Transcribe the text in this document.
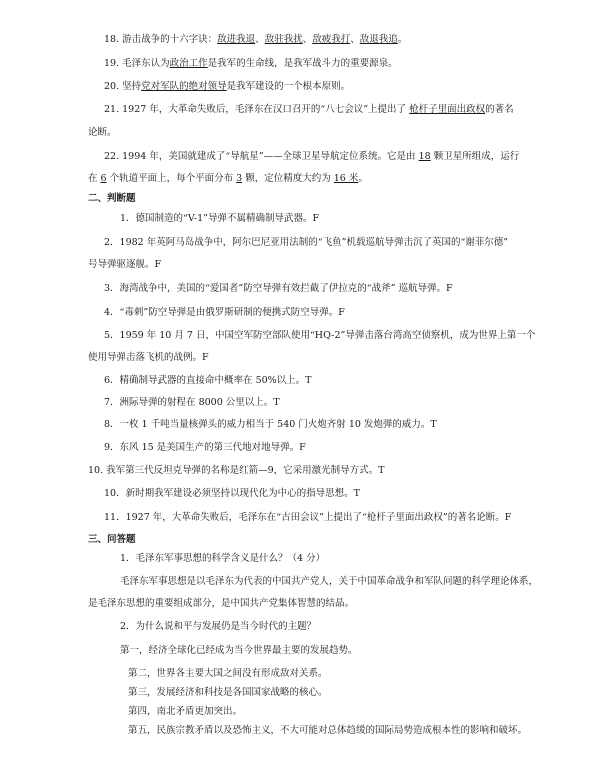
18. 游击战争的十六字诀：敌进我退、敌驻我扰、敌疲我打、敌退我追。
19. 毛泽东认为政治工作是我军的生命线，是我军战斗力的重要源泉。
20. 坚持党对军队的绝对领导是我军建设的一个根本原则。
21. 1927 年，大革命失败后，毛泽东在汉口召开的“八七会议”上提出了 枪杆子里面出政权的著名
论断。
22. 1994 年，美国就建成了“导航星”——全球卫星导航定位系统。它是由 18 颗卫星所组成，运行
在 6 个轨道平面上，每个平面分布 3 颗，定位精度大约为 16 米。
二、判断题
1．德国制造的“V-1”导弹不属精确制导武器。F
2．1982 年英阿马岛战争中，阿尔巴尼亚用法制的“飞鱼”机载巡航导弹击沉了英国的“谢菲尔德”
号导弹驱逐舰。F
3．海湾战争中，美国的“爱国者”防空导弹有效拦截了伊拉克的“战斧” 巡航导弹。F
4．“毒刺”防空导弹是由俄罗斯研制的便携式防空导弹。F
5．1959 年 10 月 7 日，中国空军防空部队使用“HQ-2”导弹击落台湾高空侦察机，成为世界上第一个
使用导弹击落飞机的战例。F
6．精确制导武器的直接命中概率在 50%以上。T
7．洲际导弹的射程在 8000 公里以上。T
8．一枚 1 千吨当量核弹头的威力相当于 540 门火炮齐射 10 发炮弹的威力。T
9．东风 15 是美国生产的第三代地对地导弹。F
10. 我军第三代反坦克导弹的名称是红箭—9，它采用激光制导方式。T
10．新时期我军建设必须坚持以现代化为中心的指导思想。T
11．1927 年，大革命失败后，毛泽东在“古田会议”上提出了“枪杆子里面出政权”的著名论断。F
三、问答题
1．毛泽东军事思想的科学含义是什么？（4 分）
毛泽东军事思想是以毛泽东为代表的中国共产党人，关于中国革命战争和军队问题的科学理论体系，
是毛泽东思想的重要组成部分，是中国共产党集体智慧的结晶。
2．为什么说和平与发展仍是当今时代的主题？
第一，经济全球化已经成为当今世界最主要的发展趋势。
第二，世界各主要大国之间没有形成敌对关系。
第三，发展经济和科技是各国国家战略的核心。
第四，南北矛盾更加突出。
第五，民族宗教矛盾以及恐怖主义，不大可能对总体趋缓的国际局势造成根本性的影响和破坏。
